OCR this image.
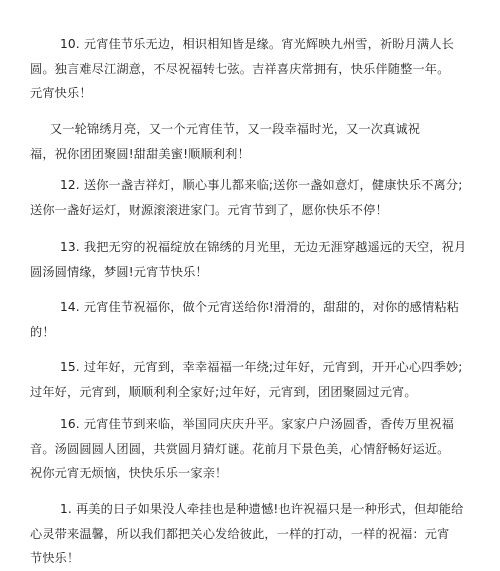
10. 元宵佳节乐无边，相识相知皆是缘。宵光辉映九州雪，祈盼月满人长
圆。独言难尽江湖意，不尽祝福转七弦。吉祥喜庆常拥有，快乐伴随整一年。
元宵快乐！
又一轮锦绣月亮，又一个元宵佳节，又一段幸福时光，又一次真诚祝
福，祝你团团聚圆!甜甜美蜜!顺顺利利！
12. 送你一盏吉祥灯，顺心事儿都来临;送你一盏如意灯，健康快乐不离分;
送你一盏好运灯，财源滚滚进家门。元宵节到了，愿你快乐不停！
13. 我把无穷的祝福绽放在锦绣的月光里，无边无涯穿越遥远的天空，祝月
圆汤圆情缘，梦圆!元宵节快乐！
14. 元宵佳节祝福你，做个元宵送给你!滑滑的，甜甜的，对你的感情粘粘
的！
15. 过年好，元宵到，幸幸福福一年绕;过年好，元宵到，开开心心四季妙;
过年好，元宵到，顺顺利利全家好;过年好，元宵到，团团聚圆过元宵。
16. 元宵佳节到来临，举国同庆庆升平。家家户户汤圆香，香传万里祝福
音。汤圆圆圆人团圆，共赏圆月猜灯谜。花前月下景色美，心情舒畅好运近。
祝你元宵无烦恼，快快乐乐一家亲！
1. 再美的日子如果没人牵挂也是种遗憾!也许祝福只是一种形式，但却能给
心灵带来温馨，所以我们都把关心发给彼此，一样的打动，一样的祝福：元宵
节快乐！
